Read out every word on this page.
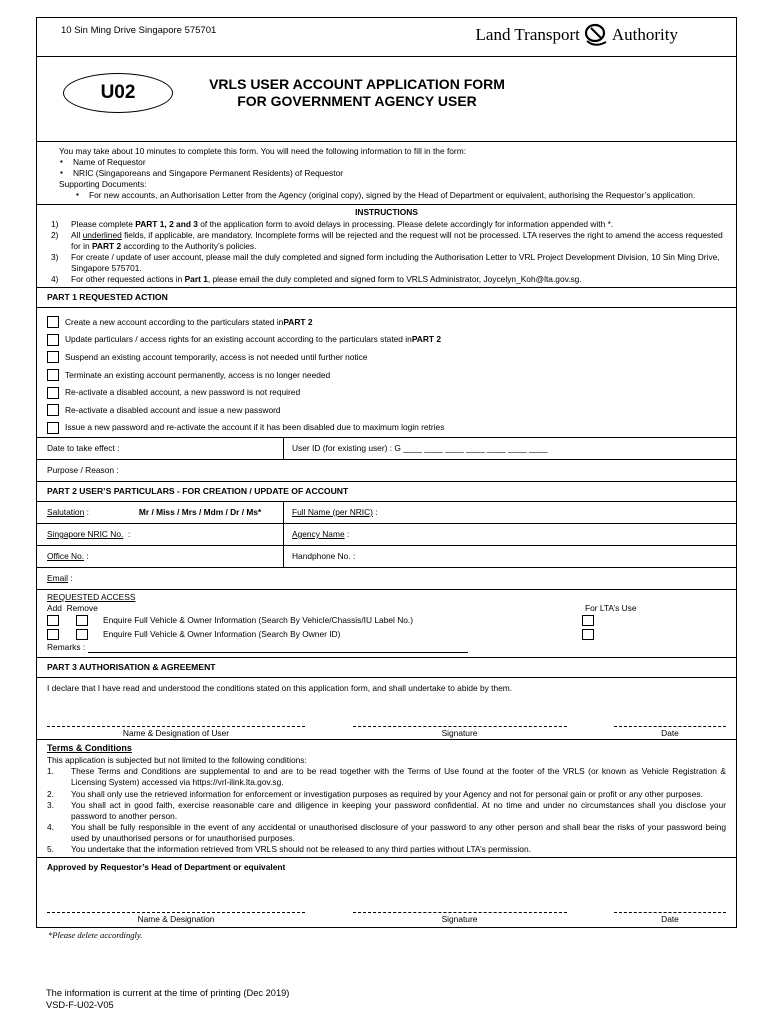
10 Sin Ming Drive Singapore 575701	Land Transport Authority
U02	VRLS USER ACCOUNT APPLICATION FORM
FOR GOVERNMENT AGENCY USER
You may take about 10 minutes to complete this form. You will need the following information to fill in the form:
▪ Name of Requestor
▪ NRIC (Singaporeans and Singapore Permanent Residents) of Requestor
Supporting Documents:
▪ For new accounts, an Authorisation Letter from the Agency (original copy), signed by the Head of Department or equivalent, authorising the Requestor’s application.
INSTRUCTIONS
1) Please complete PART 1, 2 and 3 of the application form to avoid delays in processing. Please delete accordingly for information appended with *.
2) All underlined fields, if applicable, are mandatory. Incomplete forms will be rejected and the request will not be processed. LTA reserves the right to amend the access requested for in PART 2 according to the Authority’s policies.
3) For create / update of user account, please mail the duly completed and signed form including the Authorisation Letter to VRL Project Development Division, 10 Sin Ming Drive, Singapore 575701.
4) For other requested actions in Part 1, please email the duly completed and signed form to VRLS Administrator, Joycelyn_Koh@lta.gov.sg.
PART 1 REQUESTED ACTION
Create a new account according to the particulars stated in PART 2
Update particulars / access rights for an existing account according to the particulars stated in PART 2
Suspend an existing account temporarily, access is not needed until further notice
Terminate an existing account permanently, access is no longer needed
Re-activate a disabled account, a new password is not required
Re-activate a disabled account and issue a new password
Issue a new password and re-activate the account if it has been disabled due to maximum login retries
Date to take effect :	User ID (for existing user) : G ____ ____ ____ ____ ____ ____ ____
Purpose / Reason :
PART 2 USER’S PARTICULARS - FOR CREATION / UPDATE OF ACCOUNT
Salutation :	Mr / Miss / Mrs / Mdm / Dr / Ms*	Full Name (per NRIC) :
Singapore NRIC No. :	Agency Name :
Office No. :	Handphone No. :
Email :
REQUESTED ACCESS
Add Remove	For LTA’s Use
Enquire Full Vehicle & Owner Information (Search By Vehicle/Chassis/IU Label No.)
Enquire Full Vehicle & Owner Information (Search By Owner ID)
Remarks :
PART 3 AUTHORISATION & AGREEMENT
I declare that I have read and understood the conditions stated on this application form, and shall undertake to abide by them.
Name & Designation of User	Signature	Date
Terms & Conditions
This application is subjected but not limited to the following conditions:
1. These Terms and Conditions are supplemental to and are to be read together with the Terms of Use found at the footer of the VRLS (or known as Vehicle Registration & Licensing System) accessed via https://vrl-ilink.lta.gov.sg.
2. You shall only use the retrieved information for enforcement or investigation purposes as required by your Agency and not for personal gain or profit or any other purposes.
3. You shall act in good faith, exercise reasonable care and diligence in keeping your password confidential. At no time and under no circumstances shall you disclose your password to another person.
4. You shall be fully responsible in the event of any accidental or unauthorised disclosure of your password to any other person and shall bear the risks of your password being used by unauthorised persons or for unauthorised purposes.
5. You undertake that the information retrieved from VRLS should not be released to any third parties without LTA’s permission.
Approved by Requestor’s Head of Department or equivalent
Name & Designation	Signature	Date
*Please delete accordingly.
The information is current at the time of printing (Dec 2019)
VSD-F-U02-V05
